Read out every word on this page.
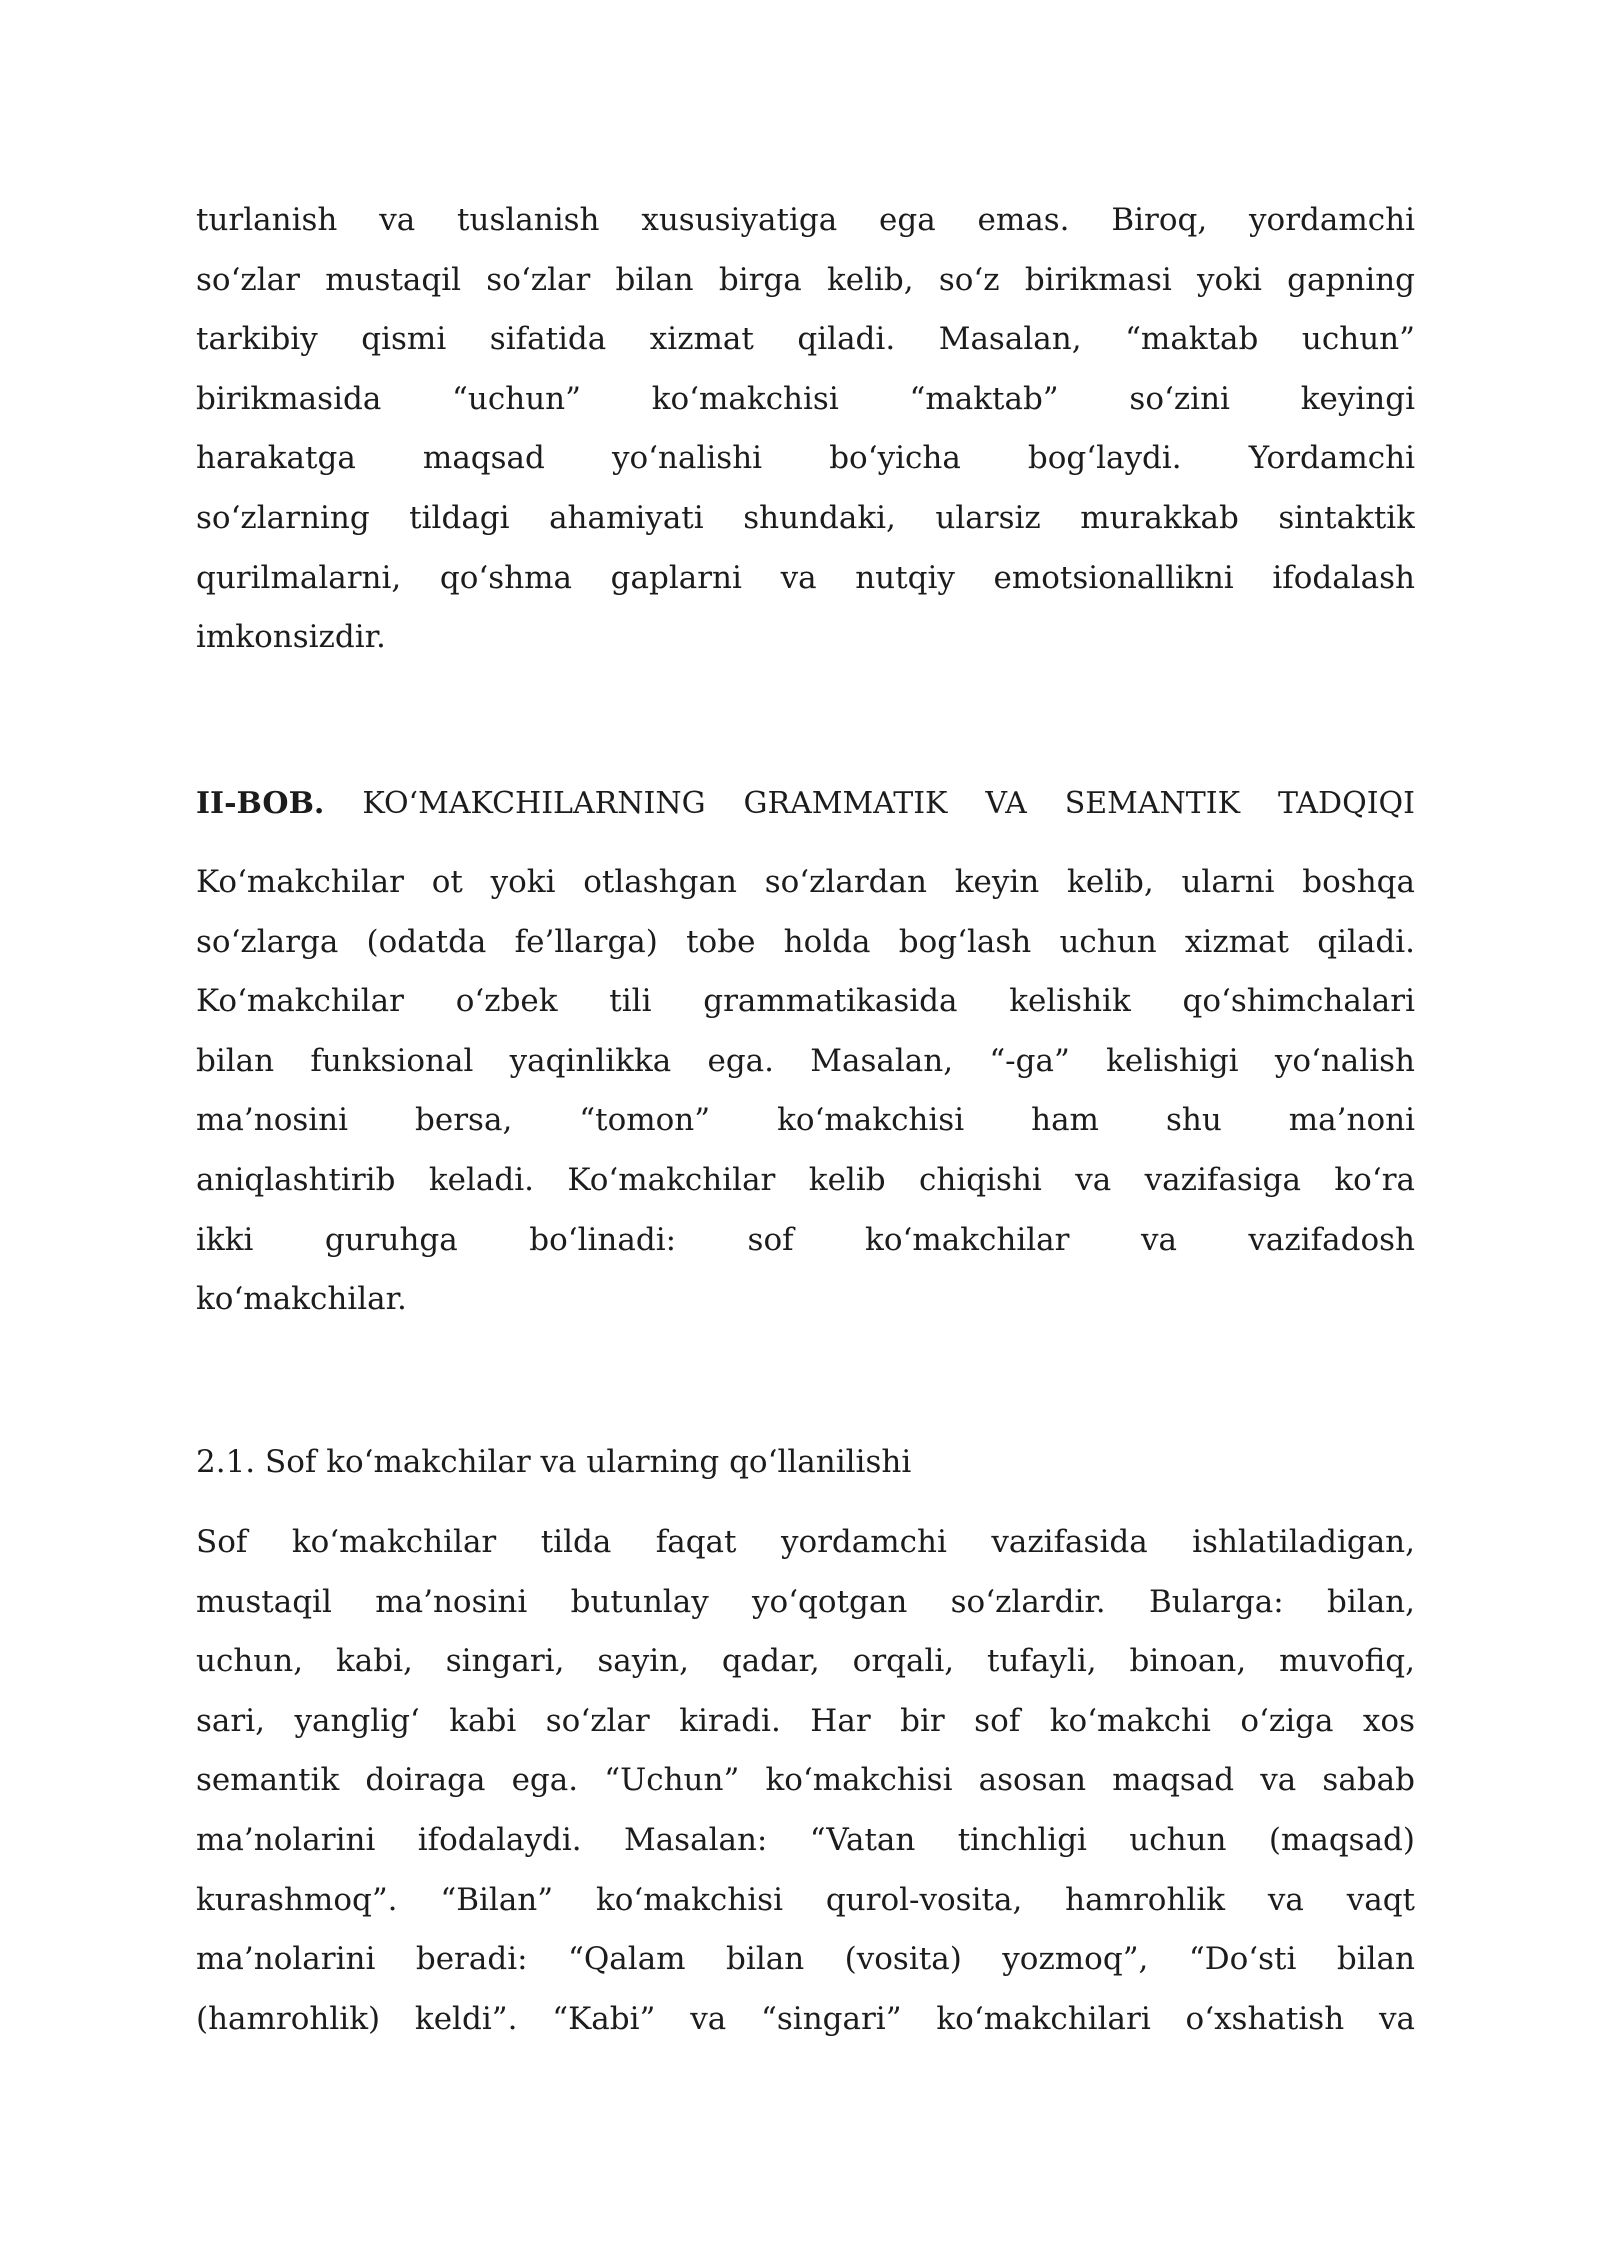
turlanish va tuslanish xususiyatiga ega emas. Biroq, yordamchi
so‘zlar mustaqil so‘zlar bilan birga kelib, so‘z birikmasi yoki gapning
tarkibiy qismi sifatida xizmat qiladi. Masalan, “maktab uchun”
birikmasida “uchun” ko‘makchisi “maktab” so‘zini keyingi
harakatga maqsad yo‘nalishi bo‘yicha bog‘laydi. Yordamchi
so‘zlarning tildagi ahamiyati shundaki, ularsiz murakkab sintaktik
qurilmalarni, qo‘shma gaplarni va nutqiy emotsionallikni ifodalash
imkonsizdir.
II-BOB. KO‘MAKCHILARNING GRAMMATIK VA SEMANTIK TADQIQI
Ko‘makchilar ot yoki otlashgan so‘zlardan keyin kelib, ularni boshqa
so‘zlarga (odatda fe’llarga) tobe holda bog‘lash uchun xizmat qiladi.
Ko‘makchilar o‘zbek tili grammatikasida kelishik qo‘shimchalari
bilan funksional yaqinlikka ega. Masalan, “-ga” kelishigi yo‘nalish
ma’nosini bersa, “tomon” ko‘makchisi ham shu ma’noni
aniqlashtirib keladi. Ko‘makchilar kelib chiqishi va vazifasiga ko‘ra
ikki guruhga bo‘linadi: sof ko‘makchilar va vazifadosh
ko‘makchilar.
2.1. Sof ko‘makchilar va ularning qo‘llanilishi
Sof ko‘makchilar tilda faqat yordamchi vazifasida ishlatiladigan,
mustaqil ma’nosini butunlay yo‘qotgan so‘zlardir. Bularga: bilan,
uchun, kabi, singari, sayin, qadar, orqali, tufayli, binoan, muvofiq,
sari, yanglig‘ kabi so‘zlar kiradi. Har bir sof ko‘makchi o‘ziga xos
semantik doiraga ega. “Uchun” ko‘makchisi asosan maqsad va sabab
ma’nolarini ifodalaydi. Masalan: “Vatan tinchligi uchun (maqsad)
kurashmoq”. “Bilan” ko‘makchisi qurol-vosita, hamrohlik va vaqt
ma’nolarini beradi: “Qalam bilan (vosita) yozmoq”, “Do‘sti bilan
(hamrohlik) keldi”. “Kabi” va “singari” ko‘makchilari o‘xshatish va
